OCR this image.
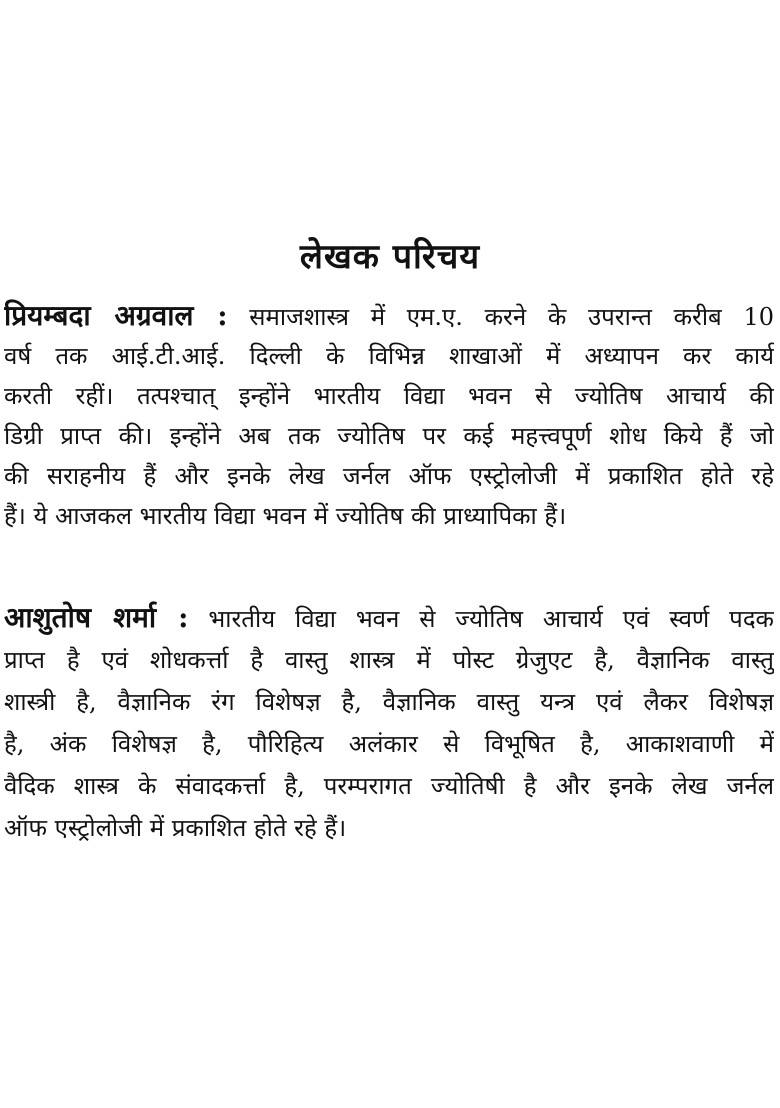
लेखक परिचय
प्रियम्बदा अग्रवाल : समाजशास्त्र में एम.ए. करने के उपरान्त करीब 10
वर्ष तक आई.टी.आई. दिल्ली के विभिन्न शाखाओं में अध्यापन कर कार्य
करती रहीं। तत्पश्चात् इन्होंने भारतीय विद्या भवन से ज्योतिष आचार्य की
डिग्री प्राप्त की। इन्होंने अब तक ज्योतिष पर कई महत्त्वपूर्ण शोध किये हैं जो
की सराहनीय हैं और इनके लेख जर्नल ऑफ एस्ट्रोलोजी में प्रकाशित होते रहे
हैं। ये आजकल भारतीय विद्या भवन में ज्योतिष की प्राध्यापिका हैं।
आशुतोष शर्मा : भारतीय विद्या भवन से ज्योतिष आचार्य एवं स्वर्ण पदक
प्राप्त है एवं शोधकर्त्ता है वास्तु शास्त्र में पोस्ट ग्रेजुएट है, वैज्ञानिक वास्तु
शास्त्री है, वैज्ञानिक रंग विशेषज्ञ है, वैज्ञानिक वास्तु यन्त्र एवं लैकर विशेषज्ञ
है, अंक विशेषज्ञ है, पौरिहित्य अलंकार से विभूषित है, आकाशवाणी में
वैदिक शास्त्र के संवादकर्त्ता है, परम्परागत ज्योतिषी है और इनके लेख जर्नल
ऑफ एस्ट्रोलोजी में प्रकाशित होते रहे हैं।
